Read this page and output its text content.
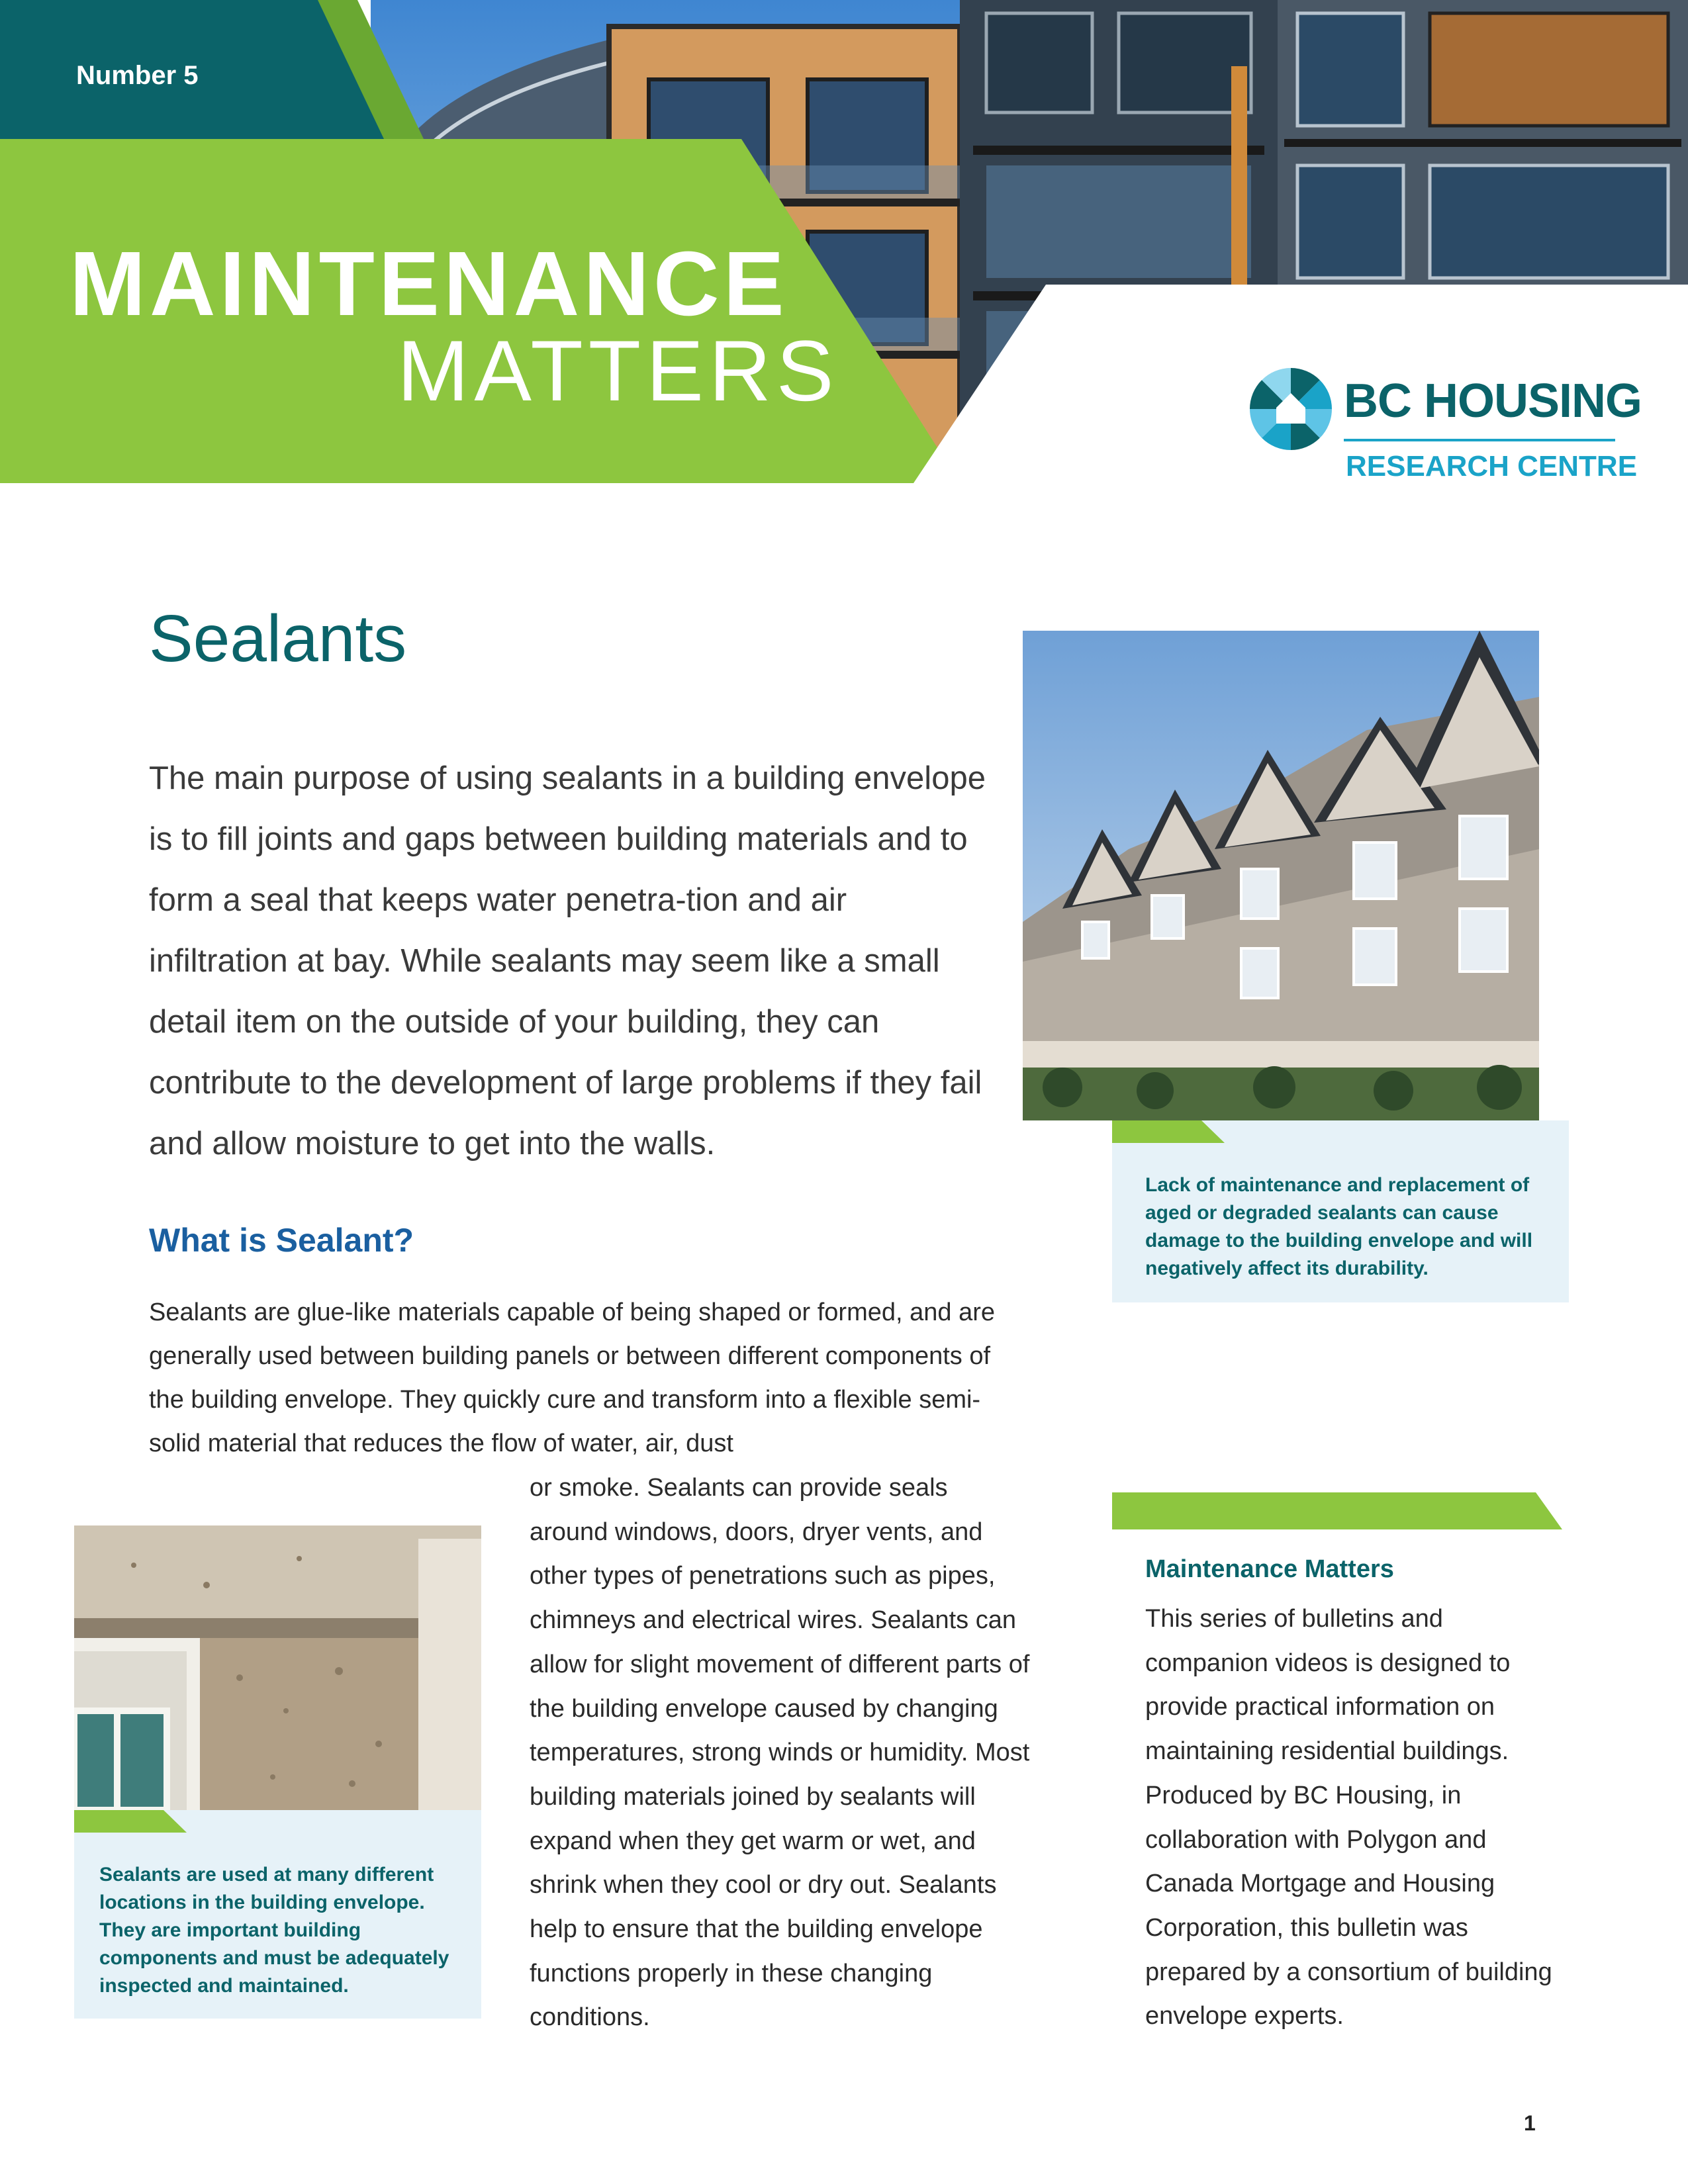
Number 5
MAINTENANCE
MATTERS	BC HOUSING
RESEARCH CENTRE
Sealants
The main purpose of using sealants in a building envelope is to fill joints and gaps between building materials and to form a seal that keeps water penetra-tion and air infiltration at bay. While sealants may seem like a small detail item on the outside of your building, they can contribute to the development of large problems if they fail and allow moisture to get into the walls.
What is Sealant?
Sealants are glue-like materials capable of being shaped or formed, and are generally used between building panels or between different components of the building envelope. They quickly cure and transform into a flexible semi-solid material that reduces the flow of water, air, dust
or smoke. Sealants can provide seals around windows, doors, dryer vents, and other types of penetrations such as pipes, chimneys and electrical wires. Sealants can allow for slight movement of different parts of the building envelope caused by changing temperatures, strong winds or humidity. Most building materials joined by sealants will expand when they get warm or wet, and shrink when they cool or dry out. Sealants help to ensure that the building envelope functions properly in these changing conditions.
Lack of maintenance and replacement of aged or degraded sealants can cause damage to the building envelope and will negatively affect its durability.
Maintenance Matters
This series of bulletins and companion videos is designed to provide practical information on maintaining residential buildings. Produced by BC Housing, in collaboration with Polygon and Canada Mortgage and Housing Corporation, this bulletin was prepared by a consortium of building envelope experts.
Sealants are used at many different locations in the building envelope. They are important building components and must be adequately inspected and maintained.
1
